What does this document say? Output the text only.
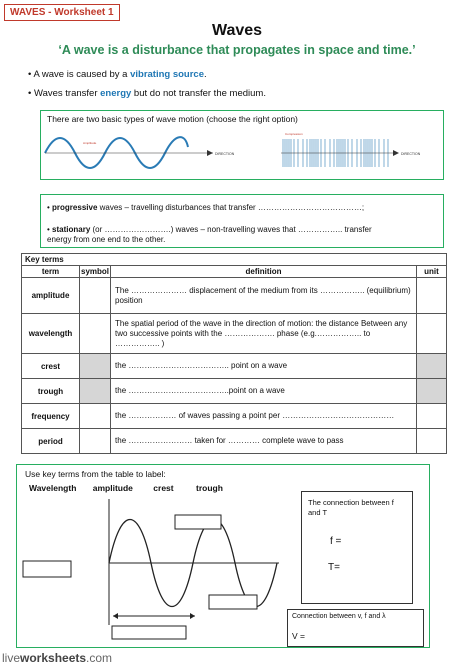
WAVES - Worksheet 1
Waves
‘A wave is a disturbance that propagates in space and time.’
• A wave is caused by a vibrating source.
• Waves transfer energy but do not transfer the medium.
There are two basic types of wave motion (choose the right option)
DIRECTION
Amplitude
DIRECTION
Compression
• progressive waves – travelling disturbances that transfer …………………………………;
• stationary (or …………………….) waves – non-travelling waves that …………….. transfer energy from one end to the other.
Key terms			
term	symbol	definition	unit
amplitude		The ………………… displacement of the medium from its …………….. (equilibrium) position	
wavelength		The spatial period of the wave in the direction of motion: the distance Between any two successive points with the ………………. phase (e.g.…………….. to …………….. )	
crest		the ……………………………….. point on a wave	
trough		the ………………………………..point on a wave	
frequency		the ……………… of waves passing a point per ……………………………………	
period		the …………………… taken for ………… complete wave to pass	
Use key terms from the table to label:
Wavelength amplitude crest	trough
The connection between f and T
f =
T=
Connection between v, f and λ
V =
liveworksheets.com
